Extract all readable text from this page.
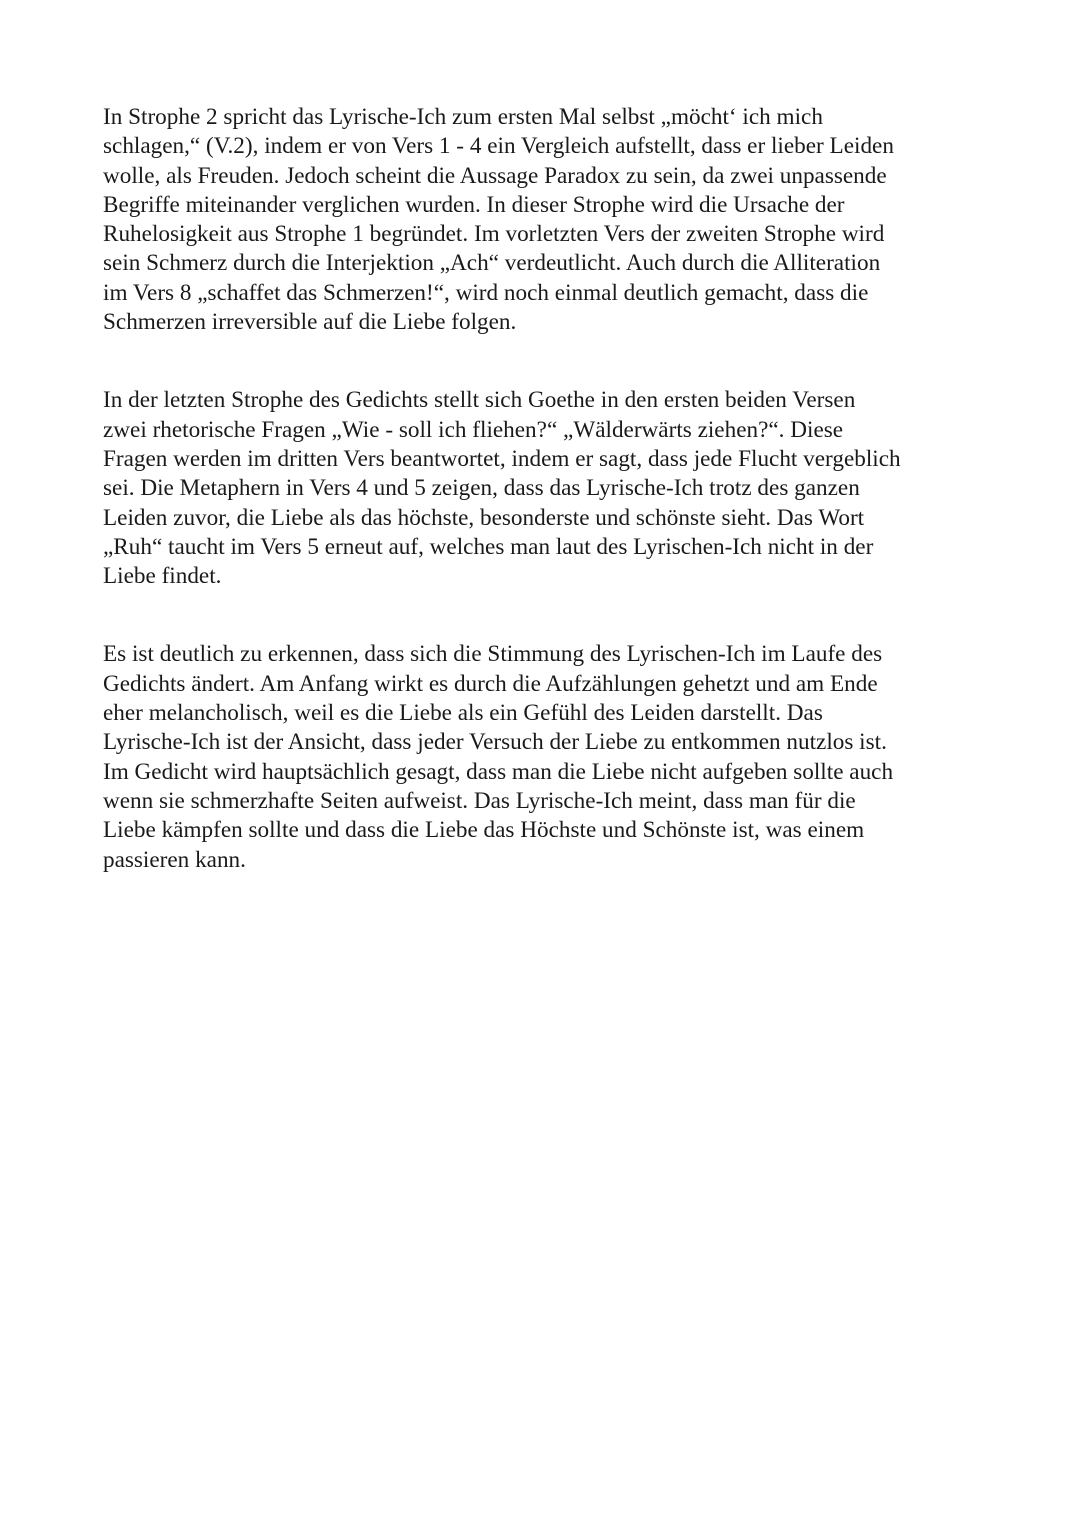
In Strophe 2 spricht das Lyrische-Ich zum ersten Mal selbst „möcht‘ ich mich
schlagen,“ (V.2), indem er von Vers 1 - 4 ein Vergleich aufstellt, dass er lieber Leiden
wolle, als Freuden. Jedoch scheint die Aussage Paradox zu sein, da zwei unpassende
Begriffe miteinander verglichen wurden. In dieser Strophe wird die Ursache der
Ruhelosigkeit aus Strophe 1 begründet. Im vorletzten Vers der zweiten Strophe wird
sein Schmerz durch die Interjektion „Ach“ verdeutlicht. Auch durch die Alliteration
im Vers 8 „schaffet das Schmerzen!“, wird noch einmal deutlich gemacht, dass die
Schmerzen irreversible auf die Liebe folgen.

In der letzten Strophe des Gedichts stellt sich Goethe in den ersten beiden Versen
zwei rhetorische Fragen „Wie - soll ich fliehen?“ „Wälderwärts ziehen?“. Diese
Fragen werden im dritten Vers beantwortet, indem er sagt, dass jede Flucht vergeblich
sei. Die Metaphern in Vers 4 und 5 zeigen, dass das Lyrische-Ich trotz des ganzen
Leiden zuvor, die Liebe als das höchste, besonderste und schönste sieht. Das Wort
„Ruh“ taucht im Vers 5 erneut auf, welches man laut des Lyrischen-Ich nicht in der
Liebe findet.

Es ist deutlich zu erkennen, dass sich die Stimmung des Lyrischen-Ich im Laufe des
Gedichts ändert. Am Anfang wirkt es durch die Aufzählungen gehetzt und am Ende
eher melancholisch, weil es die Liebe als ein Gefühl des Leiden darstellt. Das
Lyrische-Ich ist der Ansicht, dass jeder Versuch der Liebe zu entkommen nutzlos ist.
Im Gedicht wird hauptsächlich gesagt, dass man die Liebe nicht aufgeben sollte auch
wenn sie schmerzhafte Seiten aufweist. Das Lyrische-Ich meint, dass man für die
Liebe kämpfen sollte und dass die Liebe das Höchste und Schönste ist, was einem
passieren kann.
